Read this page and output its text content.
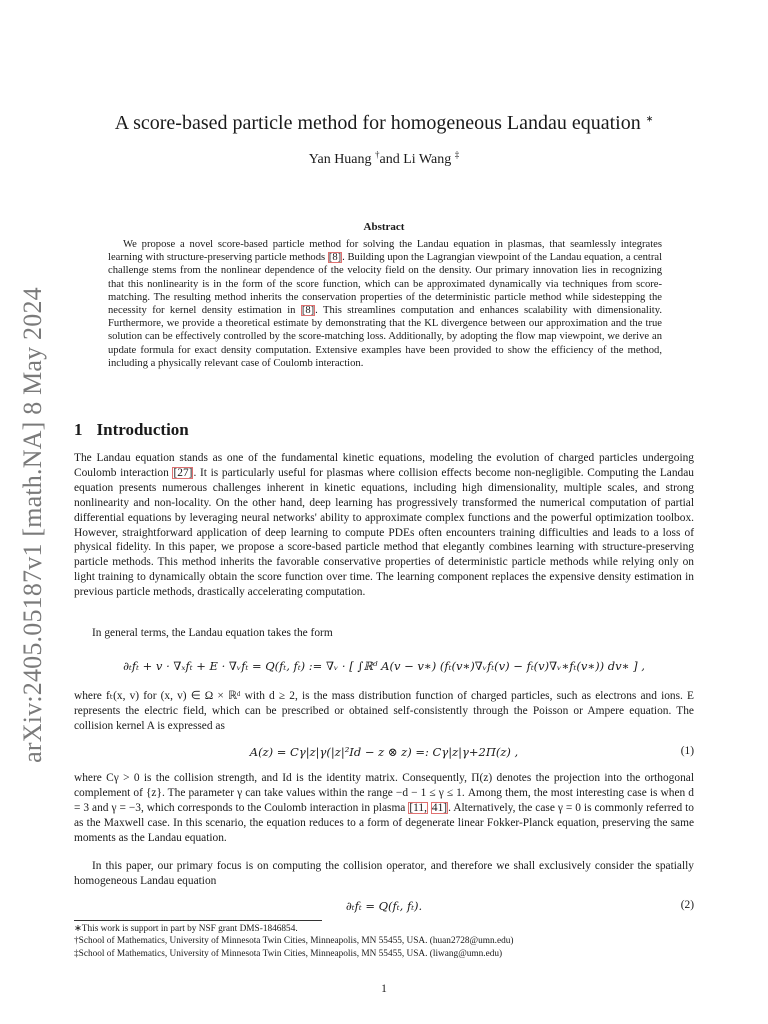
arXiv:2405.05187v1 [math.NA] 8 May 2024
A score-based particle method for homogeneous Landau equation ∗
Yan Huang †and Li Wang ‡
Abstract

We propose a novel score-based particle method for solving the Landau equation in plasmas, that seamlessly integrates learning with structure-preserving particle methods [8]. Building upon the Lagrangian viewpoint of the Landau equation, a central challenge stems from the nonlinear dependence of the velocity field on the density. Our primary innovation lies in recognizing that this nonlinearity is in the form of the score function, which can be approximated dynamically via techniques from score-matching. The resulting method inherits the conservation properties of the deterministic particle method while sidestepping the necessity for kernel density estimation in [8]. This streamlines computation and enhances scalability with dimensionality. Furthermore, we provide a theoretical estimate by demonstrating that the KL divergence between our approximation and the true solution can be effectively controlled by the score-matching loss. Additionally, by adopting the flow map viewpoint, we derive an update formula for exact density computation. Extensive examples have been provided to show the efficiency of the method, including a physically relevant case of Coulomb interaction.

1 Introduction

The Landau equation stands as one of the fundamental kinetic equations, modeling the evolution of charged particles undergoing Coulomb interaction [27]. It is particularly useful for plasmas where collision effects become non-negligible. Computing the Landau equation presents numerous challenges inherent in kinetic equations, including high dimensionality, multiple scales, and strong nonlinearity and non-locality. On the other hand, deep learning has progressively transformed the numerical computation of partial differential equations by leveraging neural networks' ability to approximate complex functions and the powerful optimization toolbox. However, straightforward application of deep learning to compute PDEs often encounters training difficulties and leads to a loss of physical fidelity. In this paper, we propose a score-based particle method that elegantly combines learning with structure-preserving particle methods. This method inherits the favorable conservative properties of deterministic particle methods while relying only on light training to dynamically obtain the score function over time. The learning component replaces the expensive density estimation in previous particle methods, drastically accelerating computation.

In general terms, the Landau equation takes the form

∂ₜfₜ + v · ∇ₓfₜ + E · ∇ᵥfₜ = Q(fₜ, fₜ) := ∇ᵥ · [ ∫ℝᵈ A(v − v∗) (fₜ(v∗)∇ᵥfₜ(v) − fₜ(v)∇ᵥ∗fₜ(v∗)) dv∗ ] ,

where fₜ(x, v) for (x, v) ∈ Ω × ℝᵈ with d ≥ 2, is the mass distribution function of charged particles, such as electrons and ions. E represents the electric field, which can be prescribed or obtained self-consistently through the Poisson or Ampere equation. The collision kernel A is expressed as

A(z) = Cγ|z|γ(|z|²Id − z ⊗ z) =: Cγ|z|γ+2Π(z) ,	(1)

where Cγ > 0 is the collision strength, and Id is the identity matrix. Consequently, Π(z) denotes the projection into the orthogonal complement of {z}. The parameter γ can take values within the range −d − 1 ≤ γ ≤ 1. Among them, the most interesting case is when d = 3 and γ = −3, which corresponds to the Coulomb interaction in plasma [11, 41]. Alternatively, the case γ = 0 is commonly referred to as the Maxwell case. In this scenario, the equation reduces to a form of degenerate linear Fokker-Planck equation, preserving the same moments as the Landau equation.

In this paper, our primary focus is on computing the collision operator, and therefore we shall exclusively consider the spatially homogeneous Landau equation

∂ₜfₜ = Q(fₜ, fₜ).	(2)
∗This work is support in part by NSF grant DMS-1846854.
†School of Mathematics, University of Minnesota Twin Cities, Minneapolis, MN 55455, USA. (huan2728@umn.edu)
‡School of Mathematics, University of Minnesota Twin Cities, Minneapolis, MN 55455, USA. (liwang@umn.edu)
1
